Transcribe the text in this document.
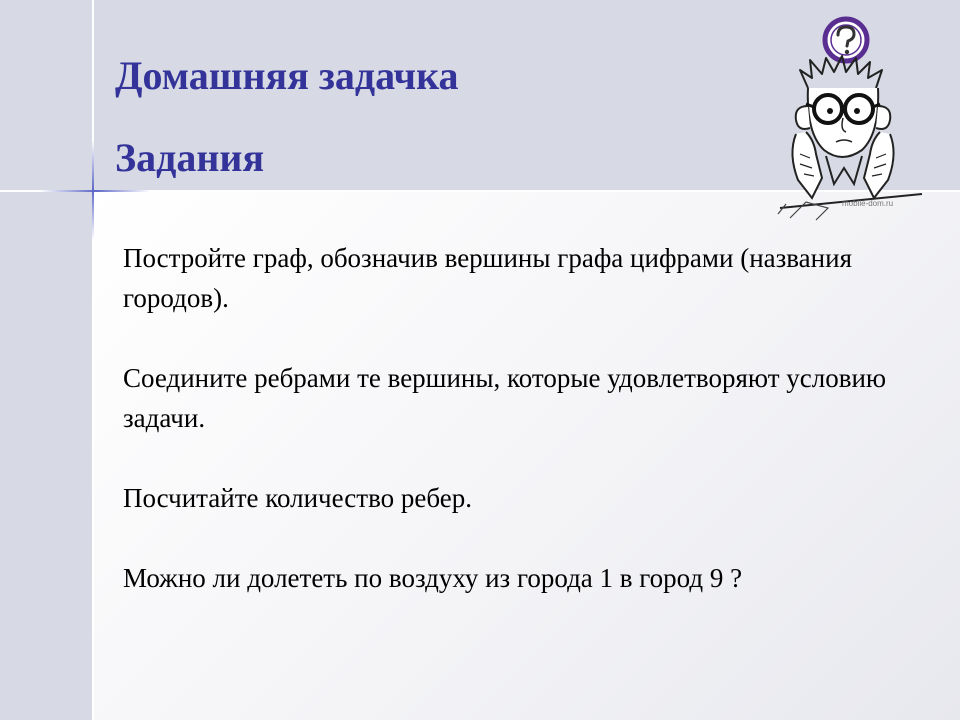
Домашняя задачка
Задания

Постройте граф, обозначив вершины графа цифрами (названия городов).

Соедините ребрами те вершины, которые удовлетворяют условию задачи.

Посчитайте количество ребер.

Можно ли долететь по воздуху из города 1 в город 9 ?

mobile-dom.ru
